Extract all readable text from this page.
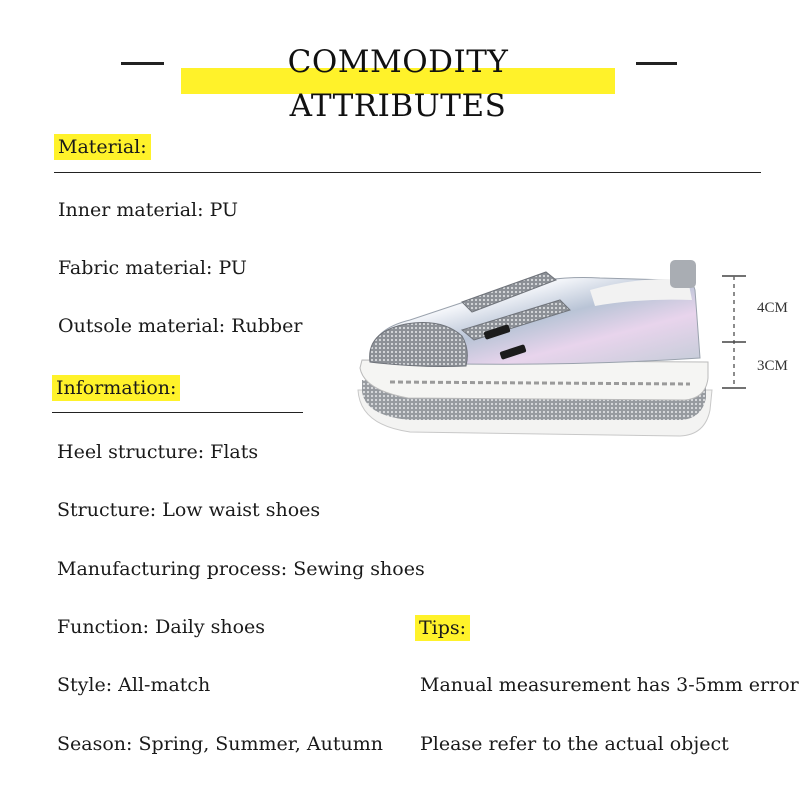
COMMODITY ATTRIBUTES
Material:
Inner material: PU
Fabric material: PU
Outsole material: Rubber
Information:
Heel structure: Flats
Structure: Low waist shoes
Manufacturing process: Sewing shoes
Function: Daily shoes
Style: All-match
Season: Spring, Summer, Autumn
Tips:
Manual measurement has 3-5mm error
Please refer to the actual object
4CM
3CM
